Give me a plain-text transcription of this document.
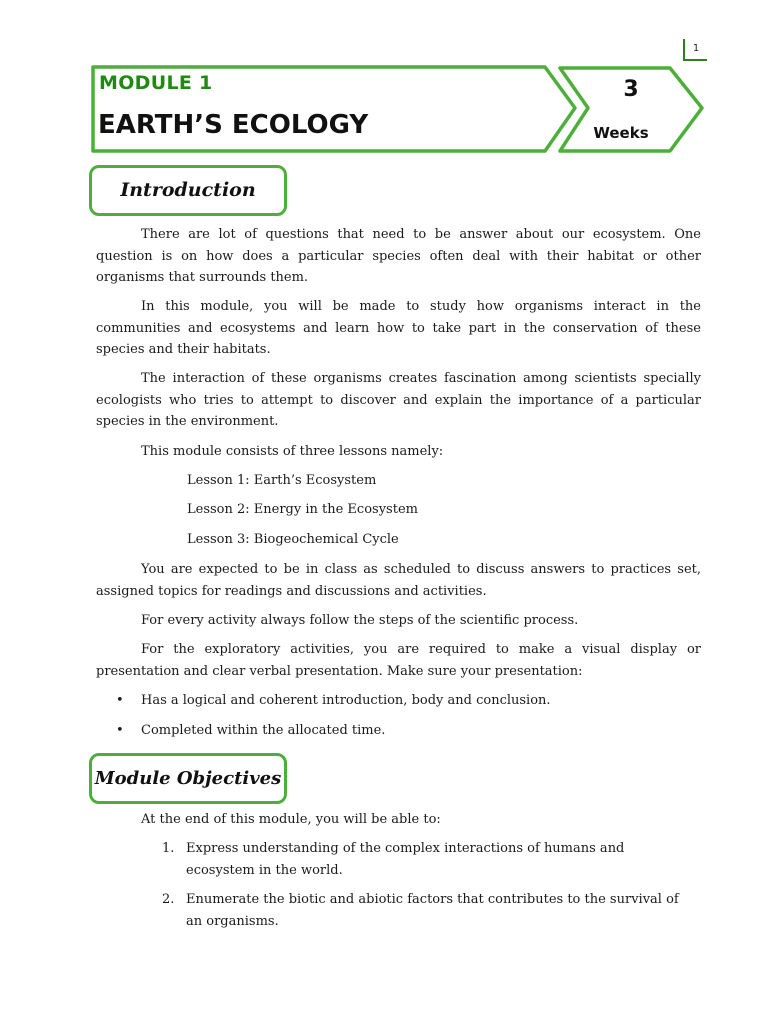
1
MODULE 1
EARTH’S ECOLOGY
3
Weeks
Introduction

There are lot of questions that need to be answer about our ecosystem. One question is on how does a particular species often deal with their habitat or other organisms that surrounds them.

In this module, you will be made to study how organisms interact in the communities and ecosystems and learn how to take part in the conservation of these species and their habitats.

The interaction of these organisms creates fascination among scientists specially ecologists who tries to attempt to discover and explain the importance of a particular species in the environment.

This module consists of three lessons namely:

Lesson 1: Earth’s Ecosystem

Lesson 2: Energy in the Ecosystem

Lesson 3: Biogeochemical Cycle

You are expected to be in class as scheduled to discuss answers to practices set, assigned topics for readings and discussions and activities.

For every activity always follow the steps of the scientific process.

For the exploratory activities, you are required to make a visual display or presentation and clear verbal presentation. Make sure your presentation:

• Has a logical and coherent introduction, body and conclusion.

• Completed within the allocated time.

Module Objectives

At the end of this module, you will be able to:

1. Express understanding of the complex interactions of humans and ecosystem in the world.

2. Enumerate the biotic and abiotic factors that contributes to the survival of an organisms.
